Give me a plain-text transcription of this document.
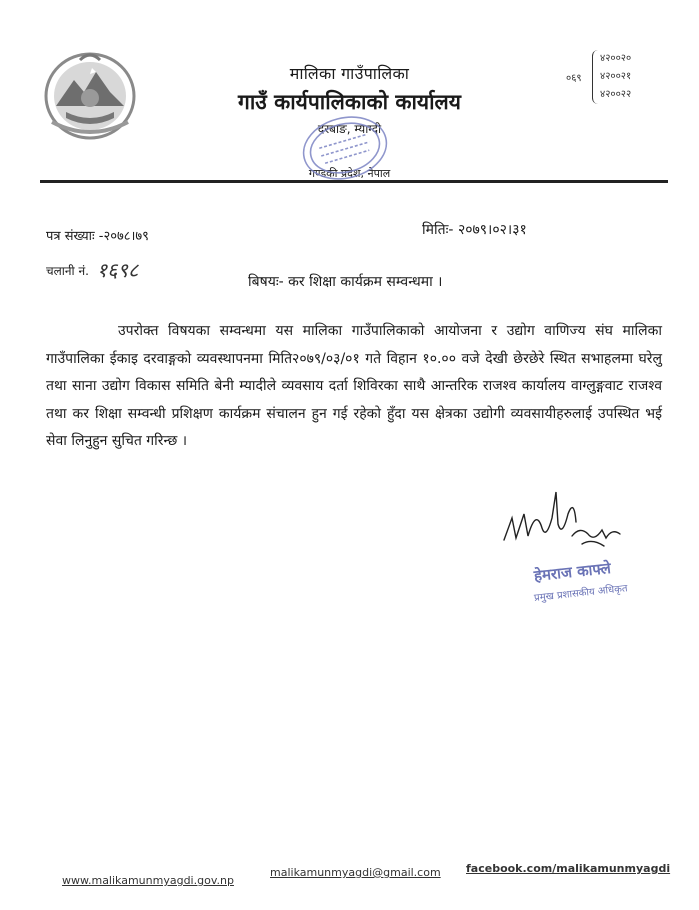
मालिका गाउँपालिका
गाउँ कार्यपालिकाको कार्यालय
दरबाङ, म्याग्दी
गण्डकी प्रदेश, नेपाल
०६९
४२००२०
४२००२१
४२००२२
पत्र संख्याः -२०७८।७९
चलानी नं. १६९८
मितिः- २०७९।०२।३१
बिषयः- कर शिक्षा कार्यक्रम सम्वन्धमा ।
उपरोक्त विषयका सम्वन्धमा यस मालिका गाउँपालिकाको आयोजना र उद्योग वाणिज्य संघ मालिका गाउँपालिका ईकाइ दरवाङ्गको व्यवस्थापनमा मिति२०७९/०३/०१ गते विहान १०.०० वजे देखी छेरछेरे स्थित सभाहलमा घरेलु तथा साना उद्योग विकास समिति बेनी म्यादीले व्यवसाय दर्ता शिविरका साथै आन्तरिक राजश्व कार्यालय वाग्लुङ्गवाट राजश्व तथा कर शिक्षा सम्वन्धी प्रशिक्षण कार्यक्रम संचालन हुन गई रहेको हुँदा यस क्षेत्रका उद्योगी व्यवसायीहरुलाई उपस्थित भई सेवा लिनुहुन सुचित गरिन्छ ।
हेमराज काफ्ले
प्रमुख प्रशासकीय अधिकृत
www.malikamunmyagdi.gov.np
malikamunmyagdi@gmail.com facebook.com/malikamunmyagdi
